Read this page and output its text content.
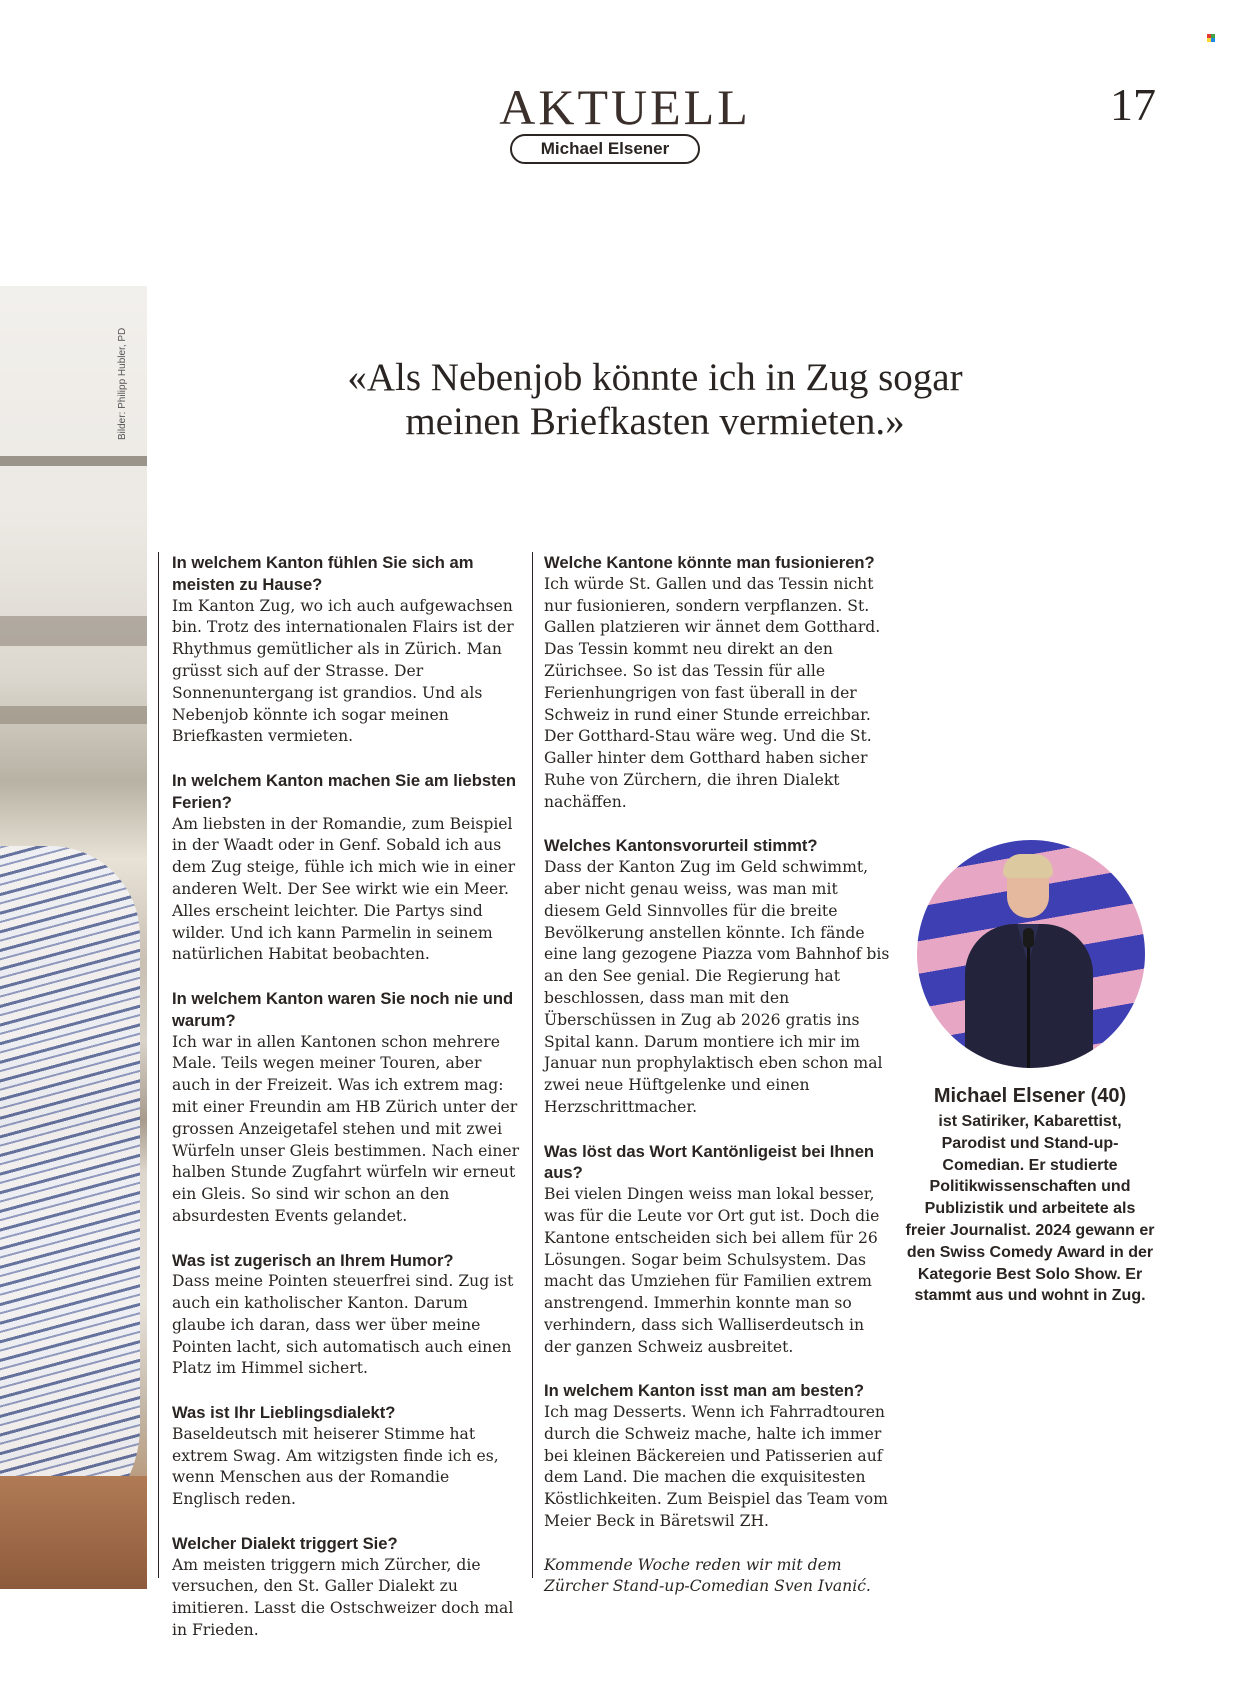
AKTUELL
Michael Elsener
17
Bilder: Philipp Hubler, PD	«Als Nebenjob könnte ich in Zug sogar
meinen Briefkasten vermieten.»

In welchem Kanton fühlen Sie sich am meisten zu Hause?

Im Kanton Zug, wo ich auch aufgewachsen bin. Trotz des internationalen Flairs ist der Rhythmus gemütlicher als in Zürich. Man grüsst sich auf der Strasse. Der Sonnenuntergang ist grandios. Und als Nebenjob könnte ich sogar meinen Briefkasten vermieten.

In welchem Kanton machen Sie am liebsten Ferien?

Am liebsten in der Romandie, zum Beispiel in der Waadt oder in Genf. Sobald ich aus dem Zug steige, fühle ich mich wie in einer anderen Welt. Der See wirkt wie ein Meer. Alles erscheint leichter. Die Partys sind wilder. Und ich kann Parmelin in seinem natürlichen Habitat beobachten.

In welchem Kanton waren Sie noch nie und warum?

Ich war in allen Kantonen schon mehrere Male. Teils wegen meiner Touren, aber auch in der Freizeit. Was ich extrem mag: mit einer Freundin am HB Zürich unter der grossen Anzeigetafel stehen und mit zwei Würfeln unser Gleis bestimmen. Nach einer halben Stunde Zugfahrt würfeln wir erneut ein Gleis. So sind wir schon an den absurdesten Events gelandet.

Was ist zugerisch an Ihrem Humor?

Dass meine Pointen steuerfrei sind. Zug ist auch ein katholischer Kanton. Darum glaube ich daran, dass wer über meine Pointen lacht, sich automatisch auch einen Platz im Himmel sichert.

Was ist Ihr Lieblingsdialekt?

Baseldeutsch mit heiserer Stimme hat extrem Swag. Am witzigsten finde ich es, wenn Menschen aus der Romandie Englisch reden.

Welcher Dialekt triggert Sie?

Am meisten triggern mich Zürcher, die versuchen, den St. Galler Dialekt zu imitieren. Lasst die Ostschweizer doch mal in Frieden.

Welche Kantone könnte man fusionieren?

Ich würde St. Gallen und das Tessin nicht nur fusionieren, sondern verpflanzen. St. Gallen platzieren wir ännet dem Gotthard. Das Tessin kommt neu direkt an den Zürichsee. So ist das Tessin für alle Ferienhungrigen von fast überall in der Schweiz in rund einer Stunde erreichbar. Der Gotthard-Stau wäre weg. Und die St. Galler hinter dem Gotthard haben sicher Ruhe von Zürchern, die ihren Dialekt nachäffen.

Welches Kantonsvorurteil stimmt?

Dass der Kanton Zug im Geld schwimmt, aber nicht genau weiss, was man mit diesem Geld Sinnvolles für die breite Bevölkerung anstellen könnte. Ich fände eine lang gezogene Piazza vom Bahnhof bis an den See genial. Die Regierung hat beschlossen, dass man mit den Überschüssen in Zug ab 2026 gratis ins Spital kann. Darum montiere ich mir im Januar nun prophylaktisch eben schon mal zwei neue Hüftgelenke und einen Herzschrittmacher.

Was löst das Wort Kantönligeist bei Ihnen aus?

Bei vielen Dingen weiss man lokal besser, was für die Leute vor Ort gut ist. Doch die Kantone entscheiden sich bei allem für 26 Lösungen. Sogar beim Schulsystem. Das macht das Umziehen für Familien extrem anstrengend. Immerhin konnte man so verhindern, dass sich Walliserdeutsch in der ganzen Schweiz ausbreitet.

In welchem Kanton isst man am besten?

Ich mag Desserts. Wenn ich Fahrradtouren durch die Schweiz mache, halte ich immer bei kleinen Bäckereien und Patisserien auf dem Land. Die machen die exquisitesten Köstlichkeiten. Zum Beispiel das Team vom Meier Beck in Bäretswil ZH.

Kommende Woche reden wir mit dem Zürcher Stand-up-Comedian Sven Ivanić.

Michael Elsener (40)

ist Satiriker, Kabarettist, Parodist und Stand-up-Comedian. Er studierte Politikwissenschaften und Publizistik und arbeitete als freier Journalist. 2024 gewann er den Swiss Comedy Award in der Kategorie Best Solo Show. Er stammt aus und wohnt in Zug.
